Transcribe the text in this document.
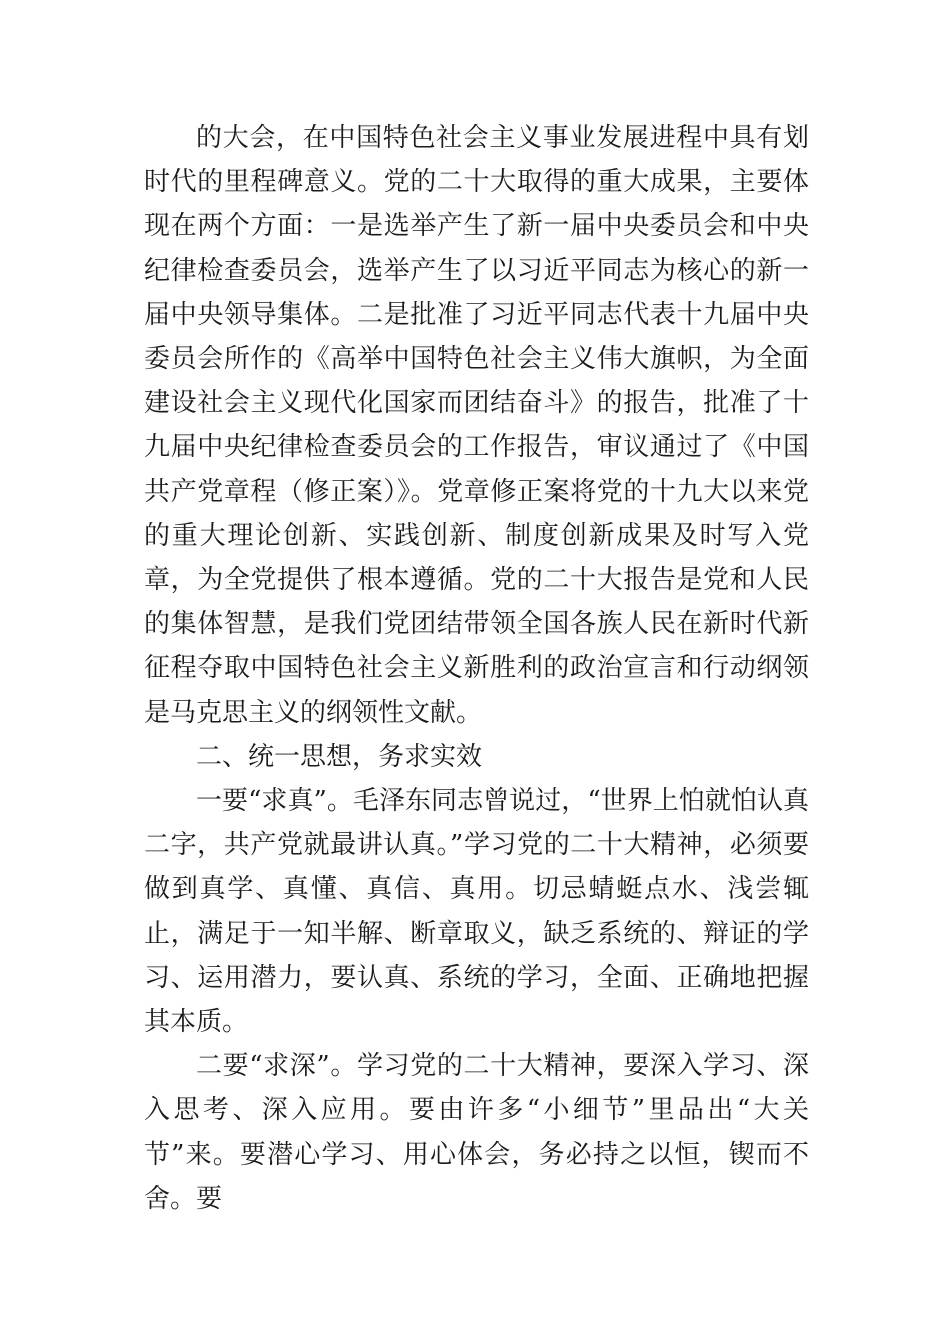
的大会，在中国特色社会主义事业发展进程中具有划时代的里程碑意义。党的二十大取得的重大成果，主要体现在两个方面：一是选举产生了新一届中央委员会和中央纪律检查委员会，选举产生了以习近平同志为核心的新一届中央领导集体。二是批准了习近平同志代表十九届中央委员会所作的《高举中国特色社会主义伟大旗帜，为全面建设社会主义现代化国家而团结奋斗》的报告，批准了十九届中央纪律检查委员会的工作报告，审议通过了《中国共产党章程（修正案）》。党章修正案将党的十九大以来党的重大理论创新、实践创新、制度创新成果及时写入党章，为全党提供了根本遵循。党的二十大报告是党和人民的集体智慧，是我们党团结带领全国各族人民在新时代新征程夺取中国特色社会主义新胜利的政治宣言和行动纲领是马克思主义的纲领性文献。

二、统一思想，务求实效

一要“求真”。毛泽东同志曾说过，“世界上怕就怕认真二字，共产党就最讲认真。”学习党的二十大精神，必须要做到真学、真懂、真信、真用。切忌蜻蜓点水、浅尝辄止，满足于一知半解、断章取义，缺乏系统的、辩证的学习、运用潜力，要认真、系统的学习，全面、正确地把握其本质。

二要“求深”。学习党的二十大精神，要深入学习、深入思考、深入应用。要由许多“小细节”里品出“大关节”来。要潜心学习、用心体会，务必持之以恒，锲而不舍。要
